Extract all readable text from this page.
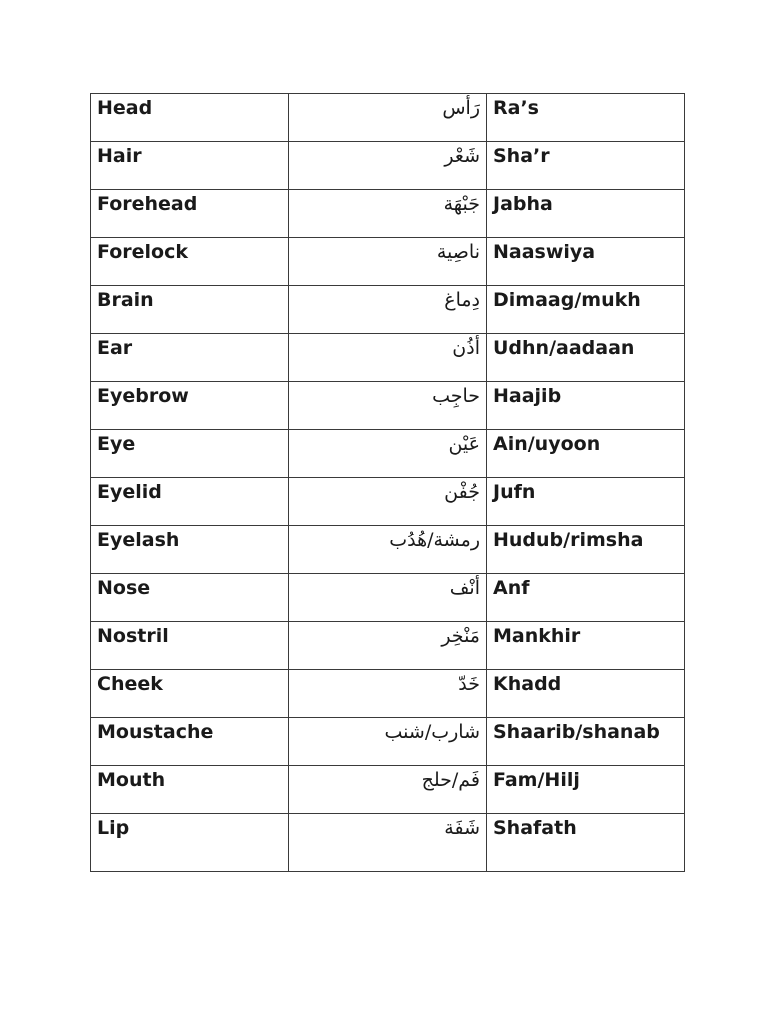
Head	رَأس	Ra’s
Hair	شَعْر	Sha’r
Forehead	جَبْهَة	Jabha
Forelock	ناصِية	Naaswiya
Brain	دِماغ	Dimaag/mukh
Ear	أذُن	Udhn/aadaan
Eyebrow	حاجِب	Haajib
Eye	عَيْن	Ain/uyoon
Eyelid	جُفْن	Jufn
Eyelash	رمشة/هُدُب	Hudub/rimsha
Nose	أنْف	Anf
Nostril	مَنْخِر	Mankhir
Cheek	خَدّ	Khadd
Moustache	شارب/شنب	Shaarib/shanab
Mouth	فَم/حلج	Fam/Hilj
Lip	شَفَة	Shafath
